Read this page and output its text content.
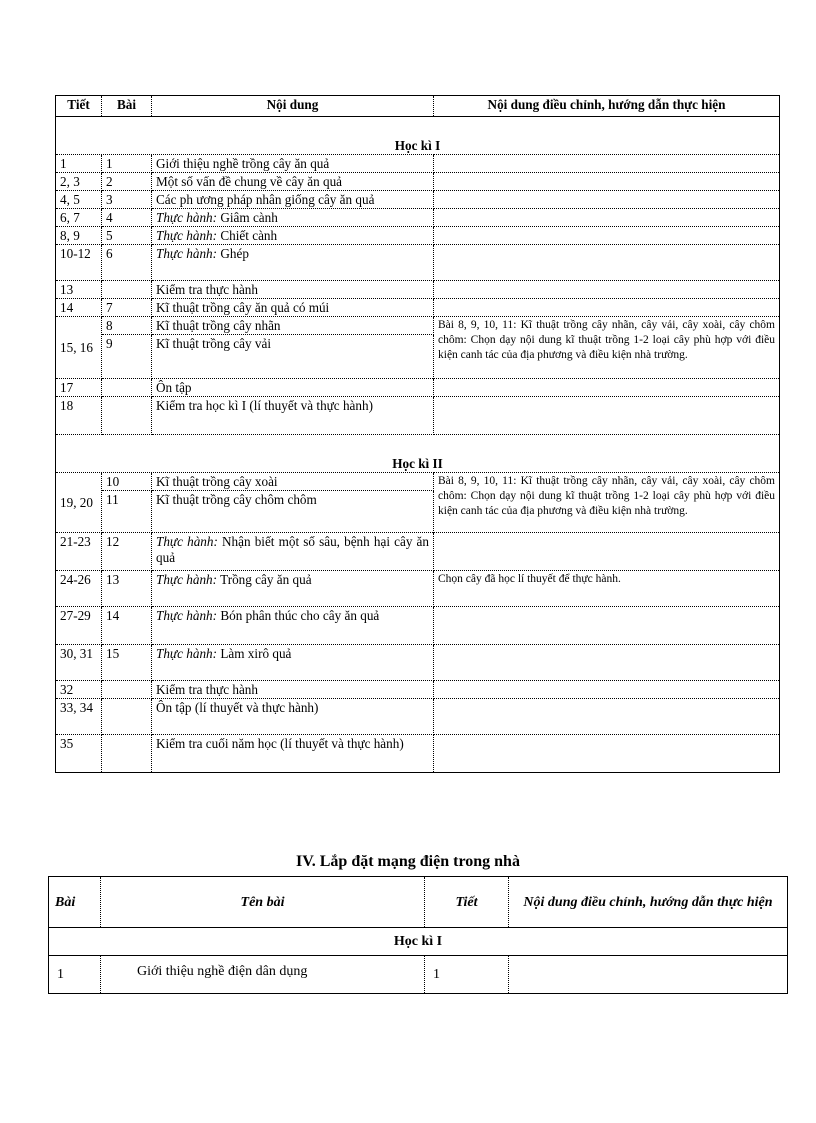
Tiết	Bài	Nội dung	Nội dung điều chỉnh, hướng dẫn thực hiện
Học kì I			
1	1	Giới thiệu nghề trồng cây ăn quả	
2, 3	2	Một số vấn đề chung về cây ăn quả	
4, 5	3	Các ph ương pháp nhân giống cây ăn quả	
6, 7	4	Thực hành: Giâm cành	
8, 9	5	Thực hành: Chiết cành	
10-12	6	Thực hành: Ghép	
13		Kiểm tra thực hành	
14	7	Kĩ thuật trồng cây ăn quả có múi	
15, 16	8	Kĩ thuật trồng cây nhãn	Bài 8, 9, 10, 11: Kĩ thuật trồng cây nhãn, cây vải, cây xoài, cây chôm chôm: Chọn dạy nội dung kĩ thuật trồng 1-2 loại cây phù hợp với điều kiện canh tác của địa phương và điều kiện nhà trường.
	9	Kĩ thuật trồng cây vải	
17		Ôn tập	
18		Kiểm tra học kì I (lí thuyết và thực hành)	
Học kì II			
19, 20	10	Kĩ thuật trồng cây xoài	Bài 8, 9, 10, 11: Kĩ thuật trồng cây nhãn, cây vải, cây xoài, cây chôm chôm: Chọn dạy nội dung kĩ thuật trồng 1-2 loại cây phù hợp với điều kiện canh tác của địa phương và điều kiện nhà trường.
	11	Kĩ thuật trồng cây chôm chôm	
21-23	12	Thực hành: Nhận biết một số sâu, bệnh hại cây ăn quả	
24-26	13	Thực hành: Trồng cây ăn quả	Chọn cây đã học lí thuyết để thực hành.
27-29	14	Thực hành: Bón phân thúc cho cây ăn quả	
30, 31	15	Thực hành: Làm xirô quả	
32		Kiểm tra thực hành	
33, 34		Ôn tập (lí thuyết và thực hành)	
35		Kiểm tra cuối năm học (lí thuyết và thực hành)	
IV. Lắp đặt mạng điện trong nhà
Bài	Tên bài	Tiết	Nội dung điều chỉnh, hướng dẫn thực hiện
Học kì I			
1	Giới thiệu nghề điện dân dụng	1	
